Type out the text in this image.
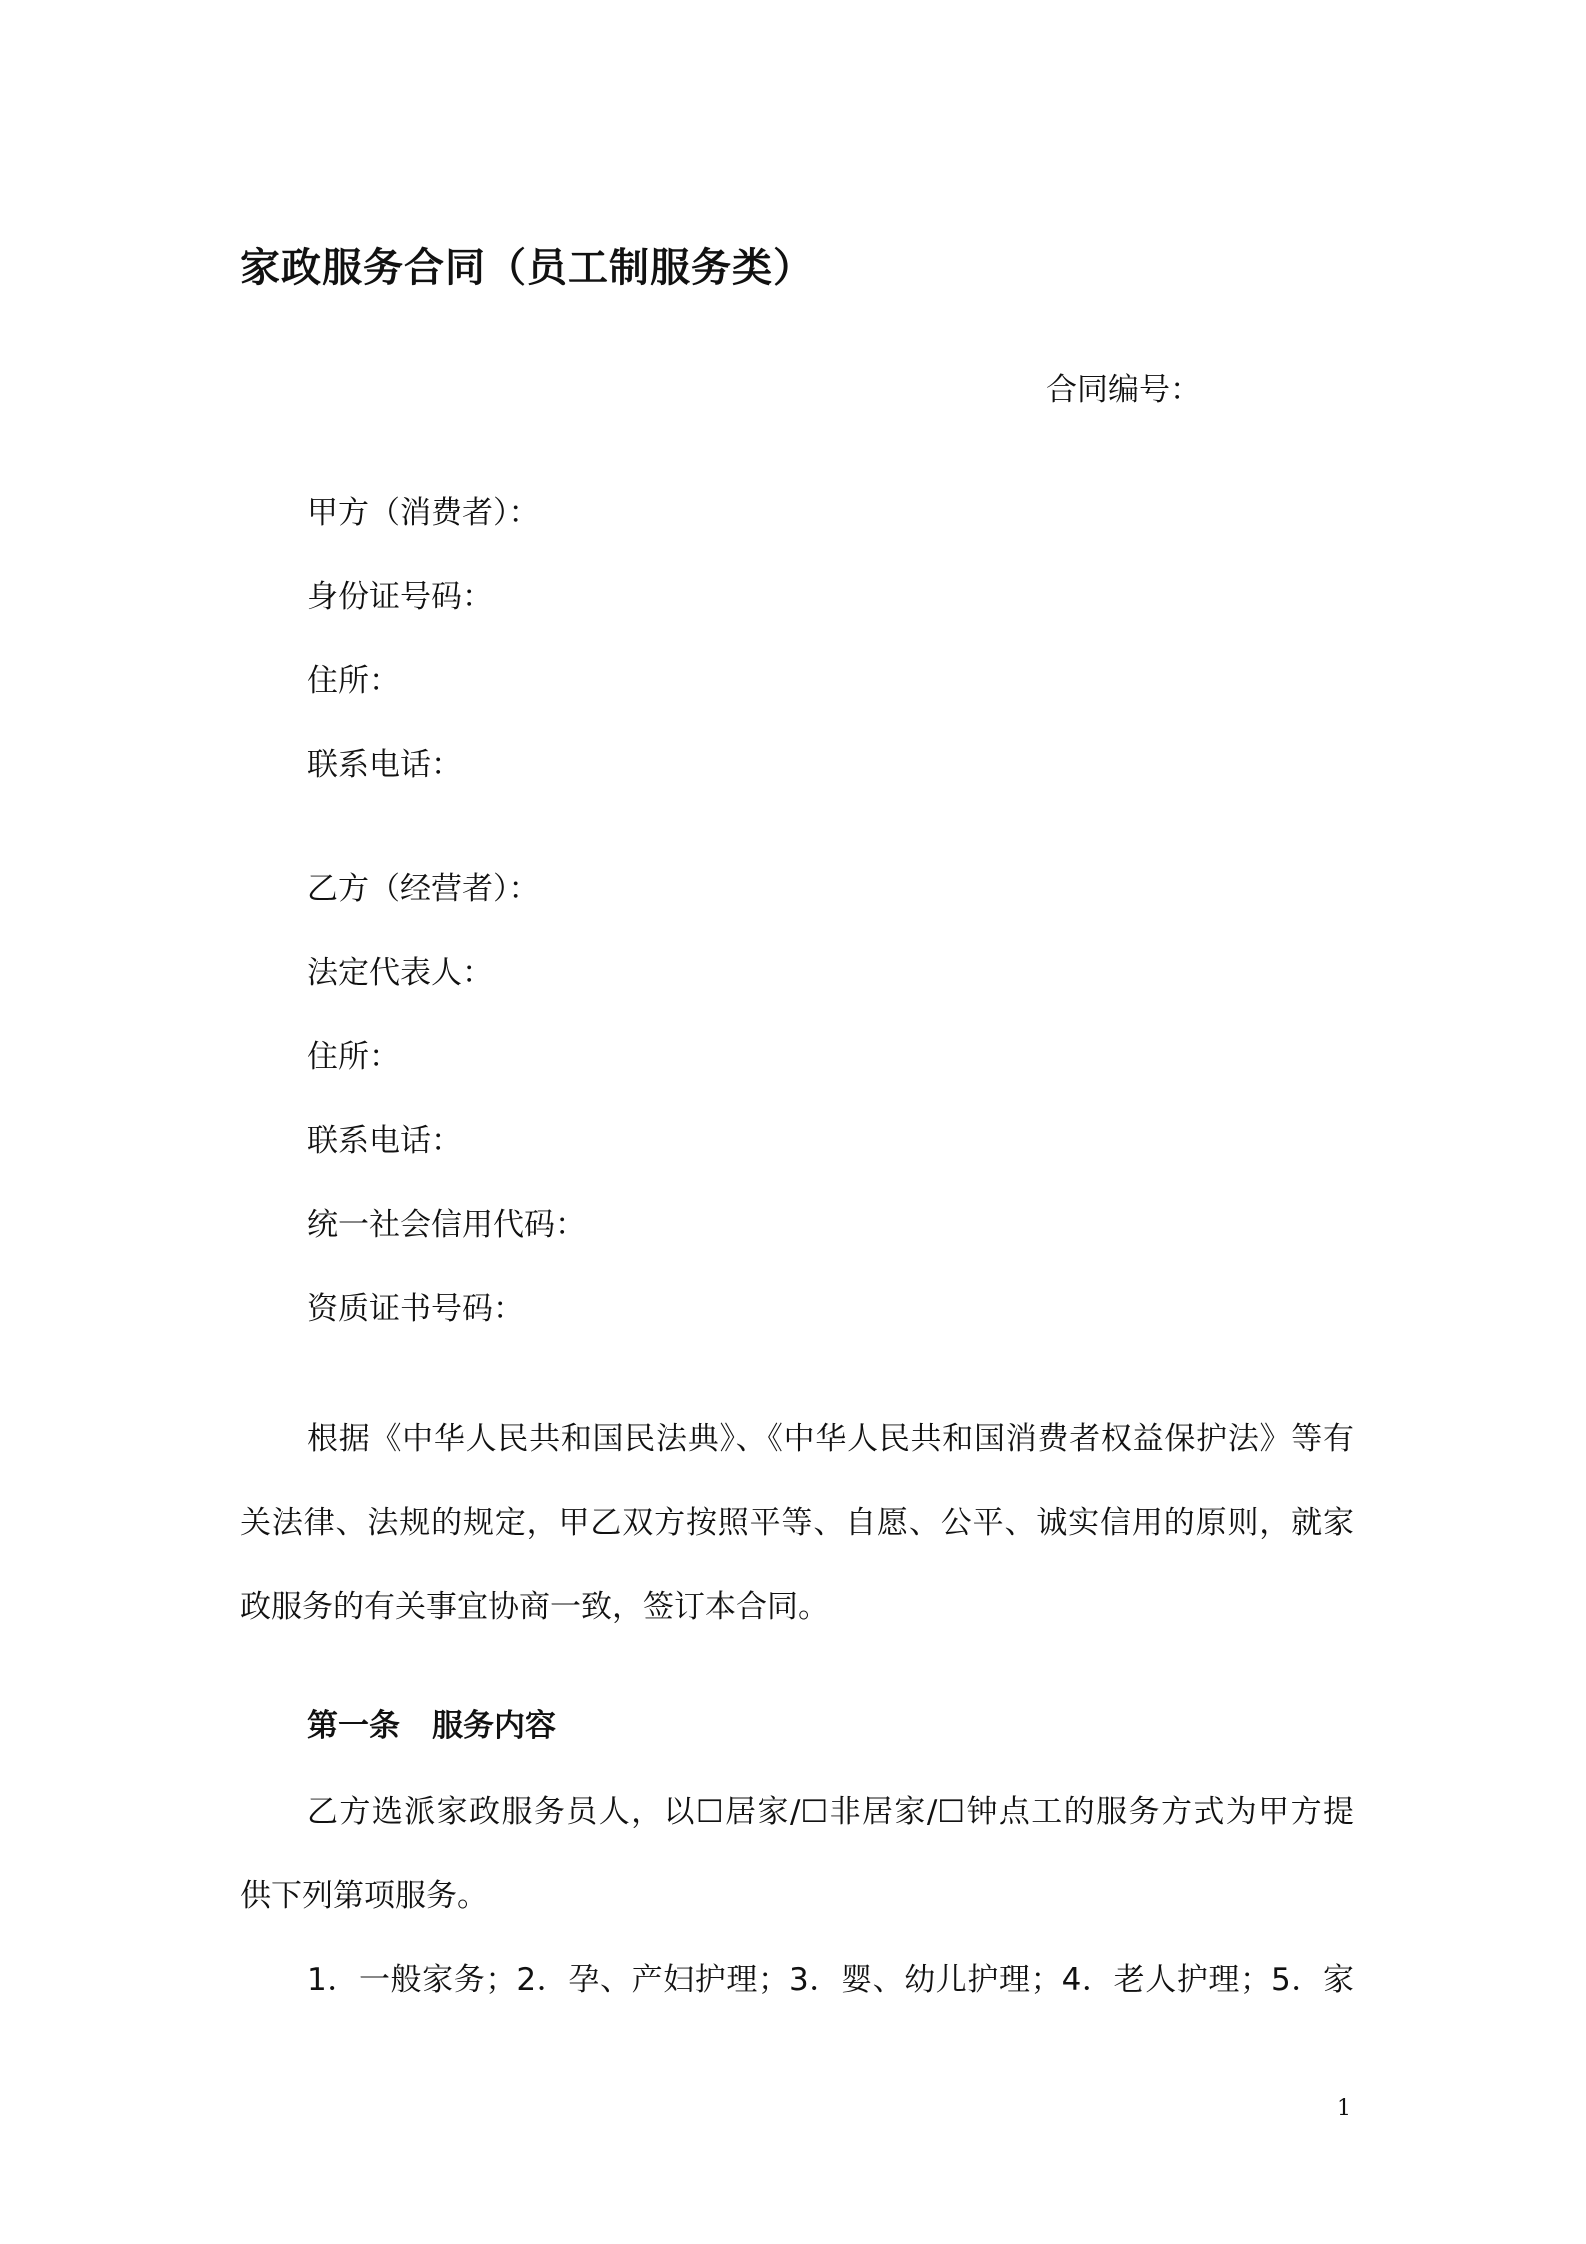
家政服务合同（员工制服务类）
合同编号：
甲方（消费者）：
身份证号码：
住所：
联系电话：
乙方（经营者）：
法定代表人：
住所：
联系电话：
统一社会信用代码：
资质证书号码：
根据《中华人民共和国民法典》、《中华人民共和国消费者权益保护法》等有
关法律、法规的规定，甲乙双方按照平等、自愿、公平、诚实信用的原则，就家
政服务的有关事宜协商一致，签订本合同。
第一条 服务内容
乙方选派家政服务员人，以☐居家/☐非居家/☐钟点工的服务方式为甲方提
供下列第项服务。
1．一般家务；2．孕、产妇护理；3．婴、幼儿护理；4．老人护理；5．家
1
